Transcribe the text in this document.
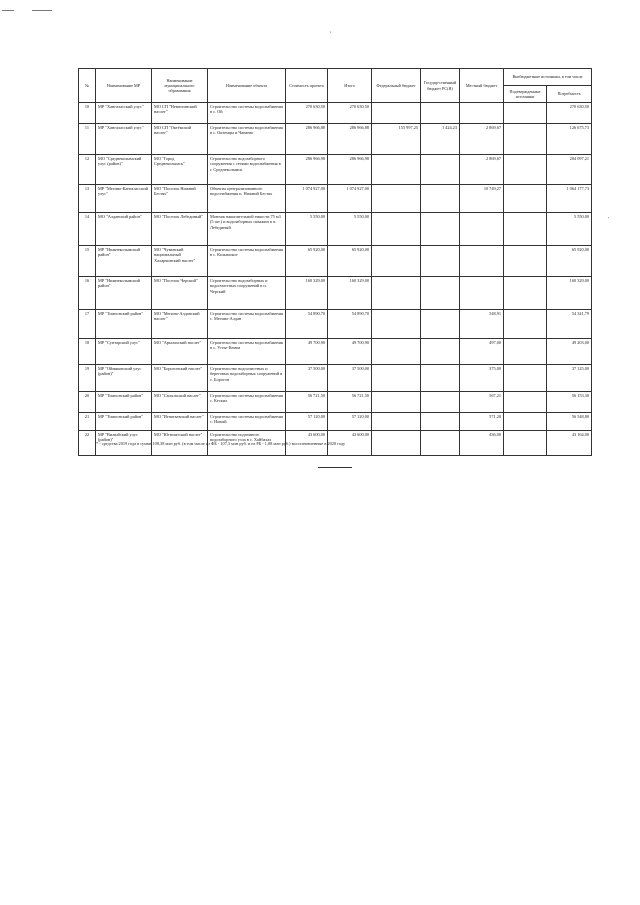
,
'
№	Наименование МР	Наименование муниципального образования	Наименование объекта	Стоимость проекта	Итого	Федеральный бюджет	Государ-ственный бюджет РС(Я)	Местный бюджет	Внебюджетные источники, в том числе	
									Подтвержденные источники	Потребность
10	МР "Хангаласский улус"	МО СП "Немюгинский наслег"	Строительство системы водоснабжения в с. Ой	270 630,50	270 630,50					270 630,50
11	МР "Хангаласский улус"	МО СП "Октёмский наслег"	Строительство системы водоснабжения в с. Октемцы и Чапаево	286 966,88	286 966,88	155 997,25	1 424,23	2 869,67		126 675,73
12	МО "Среднеколымский улус (район)"	МО "Город Среднеколымск"	Строительство водозаборного сооружения с сетями водоснабжения в г. Среднеколымск	286 966,98	286 966,98			2 869,67		284 097,21
13	МР "Мегино-Кангаласский улус"	МО "Поселок Нижний Бестях"	Объекты централизованного водоснабжения п. Нижний Бестях	1 074 927,00	1 074 927,00			10 749,27		1 064 177,73
14	МО "Алданский район"	МО "Поселок Лебединый"	Монтаж накопительной емкости 75 м3 (5 шт.) и водозаборных скважин в п. Лебединый	5 550,00	5 550,00					5 550,00
15	МР "Нижнеколымский район"	МО "Чуванский национальный Халарчинский наслег"	Строительство системы водоснабжения в с. Колымское	65 920,00	65 920,00					65 920,00
16	МР "Нижнеколымский район"	МО "Поселок Черский"	Строительство водозаборных и водоочистных сооружений в п. Черский	160 329,00	160 329,00					160 329,00
17	МР "Томпонский район"	МО "Мегино-Алданский наслег"	Строительство системы водоснабжения с. Мегино-Алдан	54 890,70	54 890,70			548,91		54 341,79
18	МР "Сунтарский улус"	МО "Арылахский наслег"	Строительство системы водоснабжения в с. Устье-Кемпа	49 700,90	49 700,90			497,00		49 203,00
19	МР "Оймяконский улус (район)"	МО "Борогонский наслег"	Строительство водоочистных и береговых водозаборных сооружений в с. Борогон	37 500,00	37 500,00			375,00		37 125,00
20	МР "Томпонский район"	МО "Сасыльский наслег"	Строительство системы водоснабжения с. Кескил	56 721,50	56 721,50			567,21		56 153,30
21	МР "Томпонский район"	МО "Игнатьевский наслег"	Строительство системы водоснабжения с. Новый	57 120,00	57 120,00			571,20		56 548,80
22	МР "Вилюйский улус (район)"	МО "Югюлятский наслег"	Строительство подземного водозаборного узла в с. Хайбахах	43 600,00	43 600,00			436,00		43 164,00
* - средства 2019 года в сумме 108,38 млн руб. (в том числе из ФБ - 107,3 млн руб. и из РБ - 1,08 млн руб.) восстановленные в 2020 году
